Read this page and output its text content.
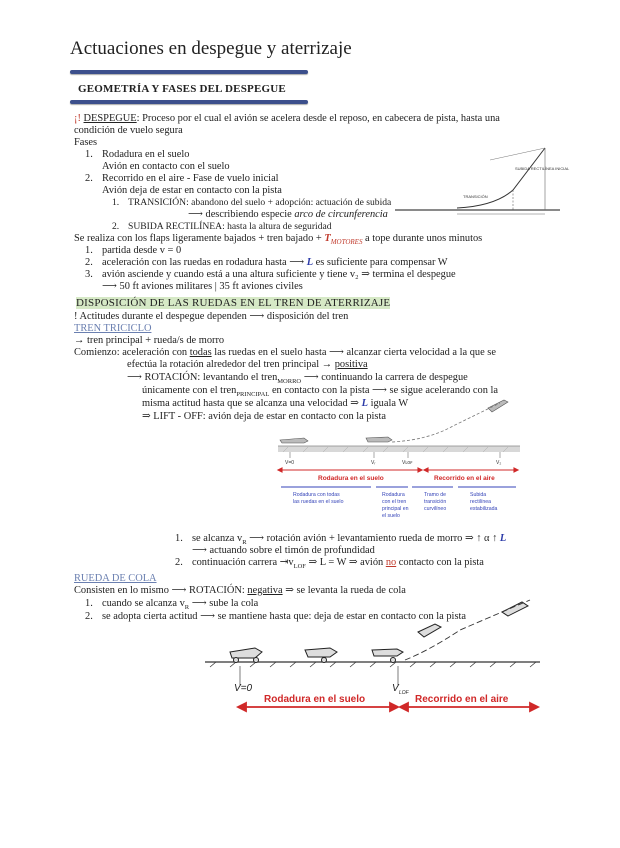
Actuaciones en despegue y aterrizaje
GEOMETRÍA Y FASES DEL DESPEGUE
¡! DESPEGUE: Proceso por el cual el avión se acelera desde el reposo, en cabecera de pista, hasta una
condición de vuelo segura
Fases
1. Rodadura en el suelo
Avión en contacto con el suelo
2. Recorrido en el aire - Fase de vuelo inicial
Avión deja de estar en contacto con la pista
1. TRANSICIÓN: abandono del suelo + adopción: actuación de subida
⟶ describiendo especie arco de circunferencia
2. SUBIDA RECTILÍNEA: hasta la altura de seguridad
Se realiza con los flaps ligeramente bajados + tren bajado + $T_{MOTORES}$ a tope durante unos minutos
1. partida desde v = 0
2. aceleración con las ruedas en rodadura hasta ⟶ L es suficiente para compensar W
3. avión asciende y cuando está a una altura suficiente y tiene v₂ ⇒ termina el despegue
⟶ 50 ft aviones militares | 35 ft aviones civiles
TRANSICIÓN
SUBIDA RECTILÍNEA INICIAL
DISPOSICIÓN DE LAS RUEDAS EN EL TREN DE ATERRIZAJE
! Actitudes durante el despegue dependen ⟶ disposición del tren
TREN TRICICLO
→ tren principal + rueda/s de morro
Comienzo: aceleración con todas las ruedas en el suelo hasta ⟶ alcanzar cierta velocidad a la que se
efectúa la rotación alrededor del tren principal → positiva
⟶ ROTACIÓN: levantando el tren$_{MORRO}$ ⟶ continuando la carrera de despegue
únicamente con el tren$_{PRINCIPAL}$ en contacto con la pista ⟶ se sigue acelerando con la
misma actitud hasta que se alcanza una velocidad ⇒ L iguala W
⇒ LIFT - OFF: avión deja de estar en contacto con la pista
V=0	Vᵣ	Vʟᴏꜰ	V₂
Rodadura en el suelo	Recorrido en el aire
Rodadura con todas
las ruedas en el suelo
Rodadura
con el tren
principal en
el suelo
Tramo de
transición
curvilíneo
Subida
rectilínea
estabilizada
1. se alcanza $v_R$ ⟶ rotación avión + levantamiento rueda de morro ⇒ ↑ α ↑ L
⟶ actuando sobre el timón de profundidad
2. continuación carrera $⇥v_{LOF}$ ⇒ L = W ⇒ avión no contacto con la pista
RUEDA DE COLA
Consisten en lo mismo ⟶ ROTACIÓN: negativa ⇒ se levanta la rueda de cola
1. cuando se alcanza $v_R$ ⟶ sube la cola
2. se adopta cierta actitud ⟶ se mantiene hasta que: deja de estar en contacto con la pista
V=0	V LOF
Rodadura en el suelo	Recorrido en el aire
